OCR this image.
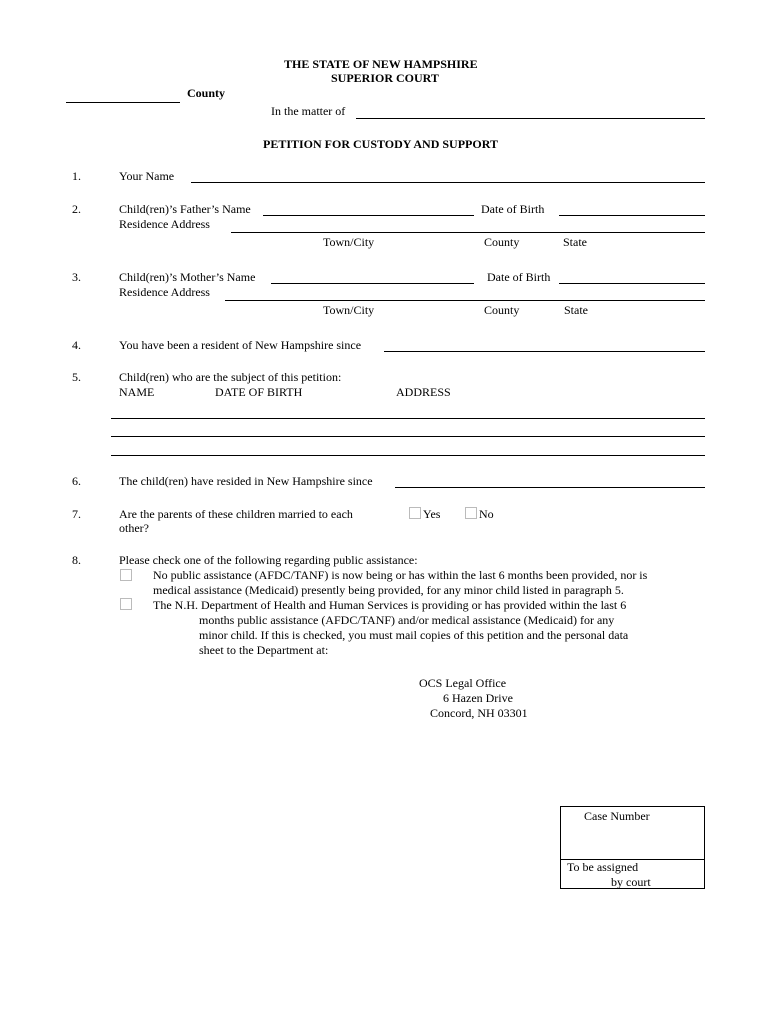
THE STATE OF NEW HAMPSHIRE
SUPERIOR COURT
County
In the matter of
PETITION FOR CUSTODY AND SUPPORT
1.	Your Name
2.	Child(ren)’s Father’s Name	Date of Birth
Residence Address
Town/City	County	State
3.	Child(ren)’s Mother’s Name	Date of Birth
Residence Address
Town/City	County	State
4.	You have been a resident of New Hampshire since
5.	Child(ren) who are the subject of this petition:
NAME	DATE OF BIRTH	ADDRESS
6.	The child(ren) have resided in New Hampshire since
7.	Are the parents of these children married to each
other?
Yes	No
8.	Please check one of the following regarding public assistance:
No public assistance (AFDC/TANF) is now being or has within the last 6 months been provided, nor is
medical assistance (Medicaid) presently being provided, for any minor child listed in paragraph 5.
The N.H. Department of Health and Human Services is providing or has provided within the last 6
months public assistance (AFDC/TANF) and/or medical assistance (Medicaid) for any
minor child. If this is checked, you must mail copies of this petition and the personal data
sheet to the Department at:
OCS Legal Office
6 Hazen Drive
Concord, NH 03301
Case Number
To be assigned
by court
